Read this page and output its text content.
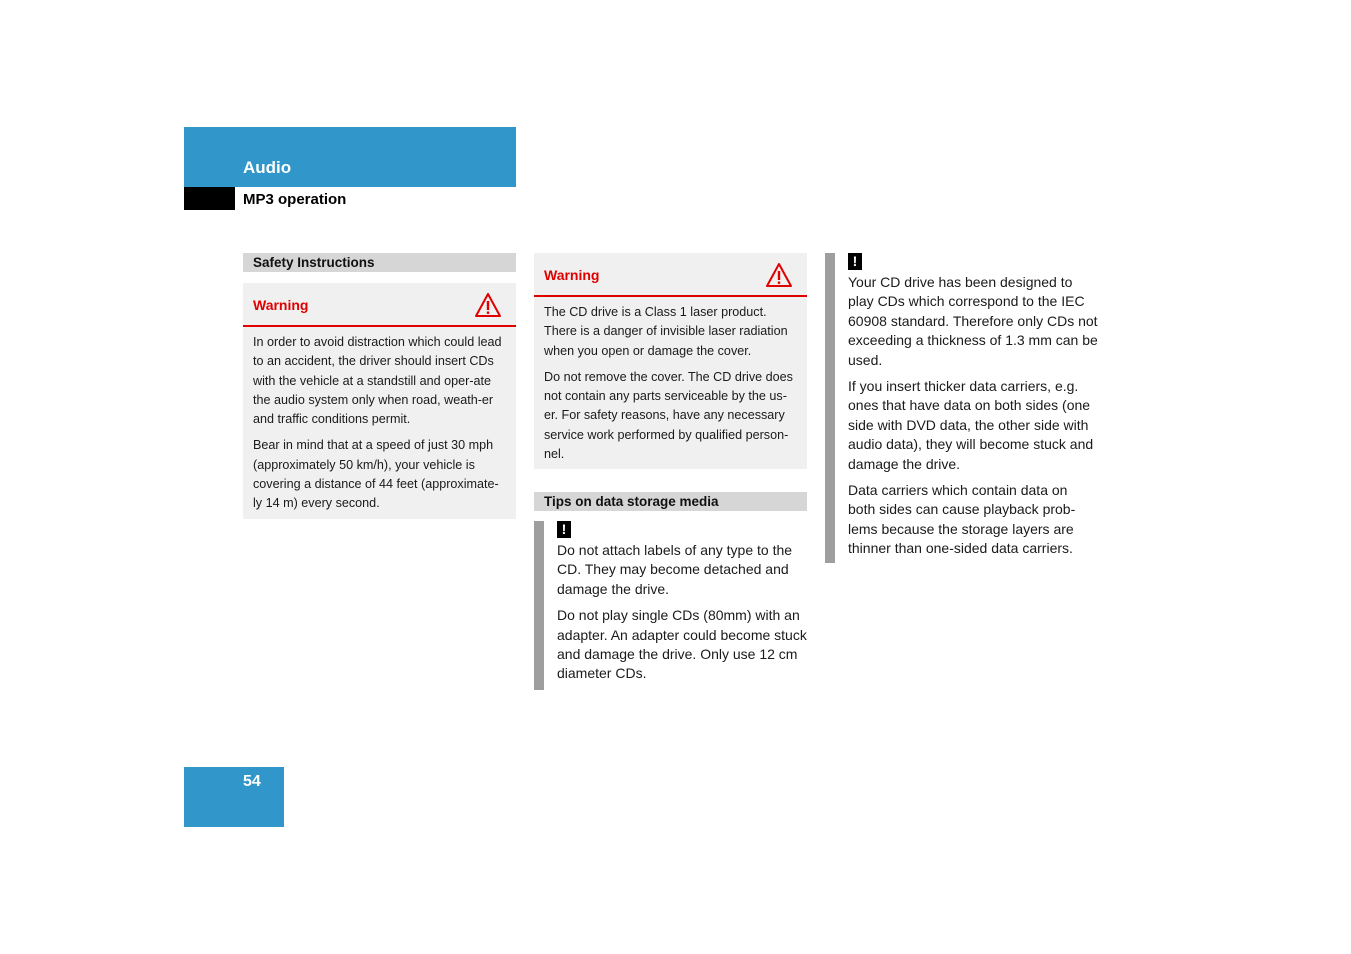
Audio
MP3 operation
Safety Instructions
Warning

In order to avoid distraction which could lead to an accident, the driver should insert CDs with the vehicle at a standstill and oper-ate the audio system only when road, weath-er and traffic conditions permit.

Bear in mind that at a speed of just 30 mph (approximately 50 km/h), your vehicle is covering a distance of 44 feet (approximate-ly 14 m) every second.

Warning

The CD drive is a Class 1 laser product. There is a danger of invisible laser radiation when you open or damage the cover.

Do not remove the cover. The CD drive does not contain any parts serviceable by the us-er. For safety reasons, have any necessary service work performed by qualified person-nel.

Tips on data storage media
!

Do not attach labels of any type to the CD. They may become detached and damage the drive.

Do not play single CDs (80mm) with an adapter. An adapter could become stuck and damage the drive. Only use 12 cm diameter CDs.

!

Your CD drive has been designed to play CDs which correspond to the IEC 60908 standard. Therefore only CDs not exceeding a thickness of 1.3 mm can be used.

If you insert thicker data carriers, e.g. ones that have data on both sides (one side with DVD data, the other side with audio data), they will become stuck and damage the drive.

Data carriers which contain data on both sides can cause playback prob-lems because the storage layers are thinner than one-sided data carriers.

54
